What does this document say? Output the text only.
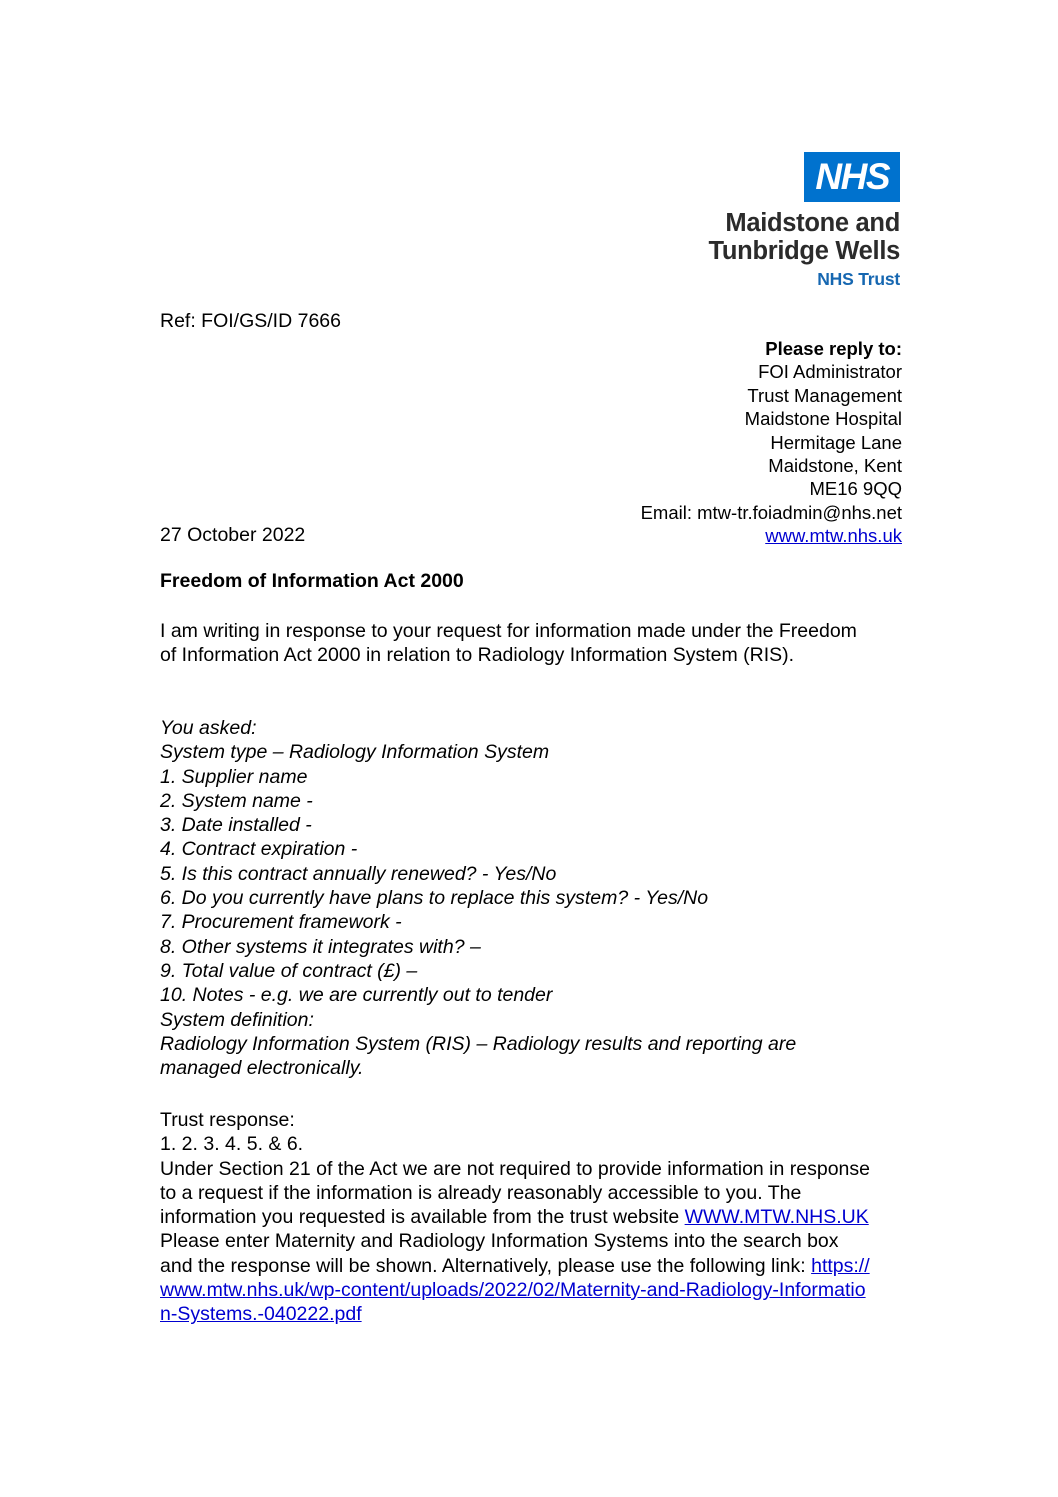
NHS
Maidstone and
Tunbridge Wells
NHS Trust
Ref: FOI/GS/ID 7666
Please reply to:
FOI Administrator
Trust Management
Maidstone Hospital
Hermitage Lane
Maidstone, Kent
ME16 9QQ
Email: mtw-tr.foiadmin@nhs.net
www.mtw.nhs.uk
27 October 2022
Freedom of Information Act 2000
I am writing in response to your request for information made under the Freedom of Information Act 2000 in relation to Radiology Information System (RIS).
You asked:
System type – Radiology Information System
1. Supplier name
2. System name -
3. Date installed -
4. Contract expiration -
5. Is this contract annually renewed? - Yes/No
6. Do you currently have plans to replace this system? - Yes/No
7. Procurement framework -
8. Other systems it integrates with? –
9. Total value of contract (£) –
10. Notes - e.g. we are currently out to tender
System definition:
Radiology Information System (RIS) – Radiology results and reporting are managed electronically.
Trust response:
1. 2. 3. 4. 5. & 6.
Under Section 21 of the Act we are not required to provide information in response to a request if the information is already reasonably accessible to you. The information you requested is available from the trust website WWW.MTW.NHS.UK Please enter Maternity and Radiology Information Systems into the search box and the response will be shown. Alternatively, please use the following link: https://www.mtw.nhs.uk/wp-content/uploads/2022/02/Maternity-and-Radiology-Information-Systems.-040222.pdf
